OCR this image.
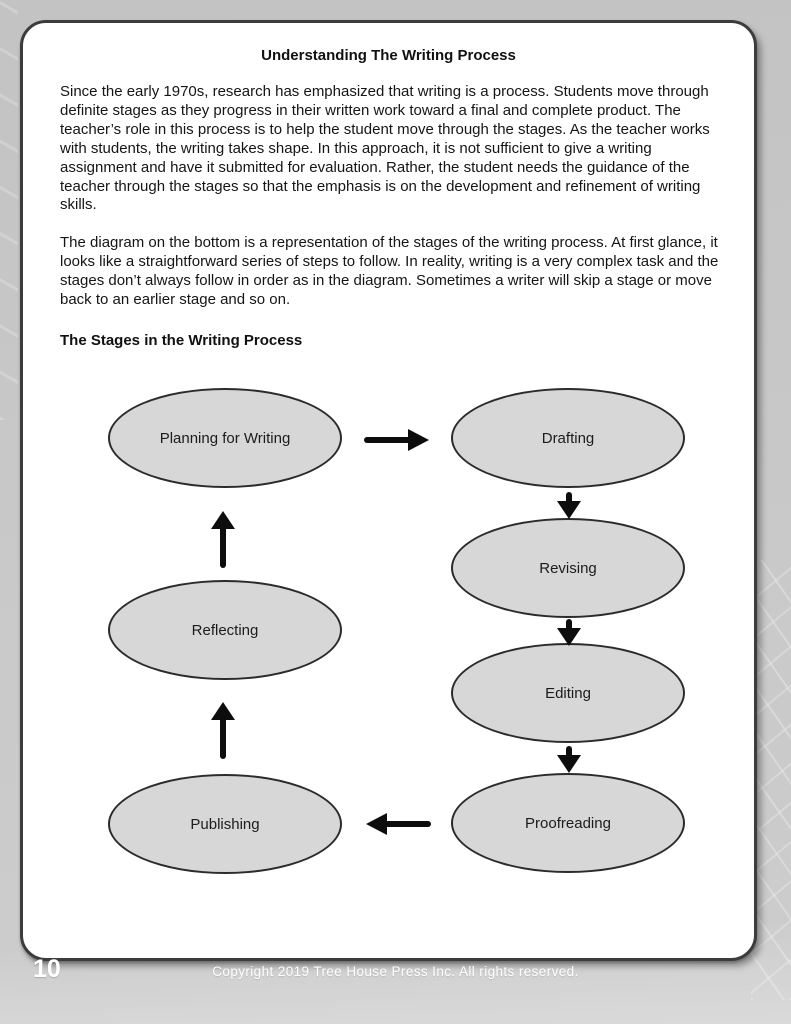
Understanding The Writing Process

Since the early 1970s, research has emphasized that writing is a process. Students move through definite stages as they progress in their written work toward a final and complete product. The teacher’s role in this process is to help the student move through the stages. As the teacher works with students, the writing takes shape. In this approach, it is not sufficient to give a writing assignment and have it submitted for evaluation. Rather, the student needs the guidance of the teacher through the stages so that the emphasis is on the development and refinement of writing skills.

The diagram on the bottom is a representation of the stages of the writing process. At first glance, it looks like a straightforward series of steps to follow. In reality, writing is a very complex task and the stages don’t always follow in order as in the diagram. Sometimes a writer will skip a stage or move back to an earlier stage and so on.

The Stages in the Writing Process
Planning for Writing	Drafting
Revising
Editing
Proofreading
Publishing
Reflecting
10	Copyright 2019 Tree House Press Inc. All rights reserved.
